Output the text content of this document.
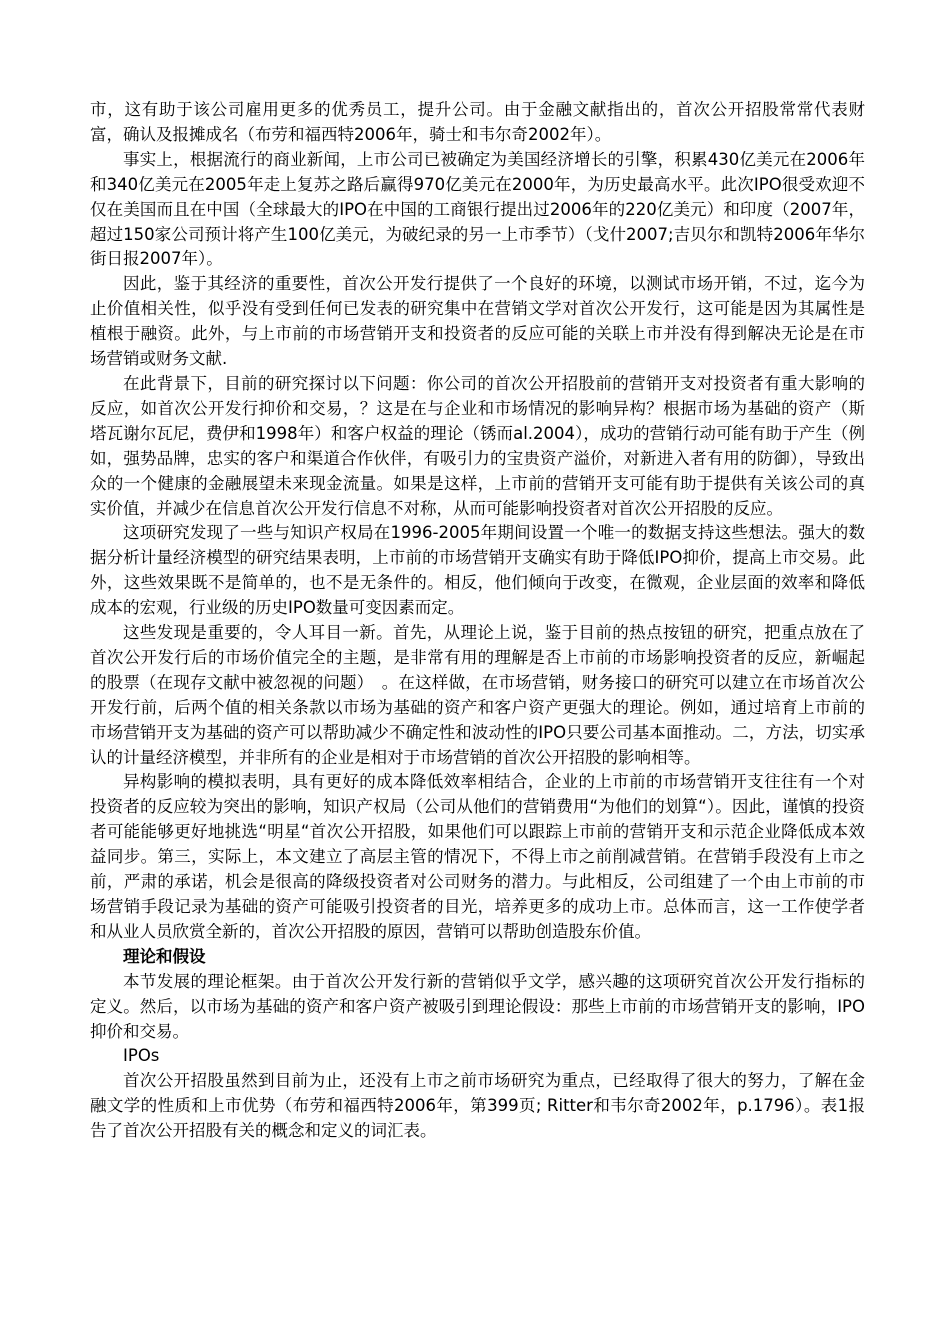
市，这有助于该公司雇用更多的优秀员工，提升公司。由于金融文献指出的，首次公开招股常常代表财富，确认及报摊成名（布劳和福西特2006年，骑士和韦尔奇2002年）。

事实上，根据流行的商业新闻，上市公司已被确定为美国经济增长的引擎，积累430亿美元在2006年和340亿美元在2005年走上复苏之路后赢得970亿美元在2000年，为历史最高水平。此次IPO很受欢迎不仅在美国而且在中国（全球最大的IPO在中国的工商银行提出过2006年的220亿美元）和印度（2007年，超过150家公司预计将产生100亿美元，为破纪录的另一上市季节）（戈什2007;吉贝尔和凯特2006年华尔街日报2007年）。

因此，鉴于其经济的重要性，首次公开发行提供了一个良好的环境，以测试市场开销，不过，迄今为止价值相关性，似乎没有受到任何已发表的研究集中在营销文学对首次公开发行，这可能是因为其属性是植根于融资。此外，与上市前的市场营销开支和投资者的反应可能的关联上市并没有得到解决无论是在市场营销或财务文献.

在此背景下，目前的研究探讨以下问题：你公司的首次公开招股前的营销开支对投资者有重大影响的反应，如首次公开发行抑价和交易，？这是在与企业和市场情况的影响异构？根据市场为基础的资产（斯塔瓦谢尔瓦尼，费伊和1998年）和客户权益的理论（锈而al.2004），成功的营销行动可能有助于产生（例如，强势品牌，忠实的客户和渠道合作伙伴，有吸引力的宝贵资产溢价，对新进入者有用的防御），导致出众的一个健康的金融展望未来现金流量。如果是这样，上市前的营销开支可能有助于提供有关该公司的真实价值，并减少在信息首次公开发行信息不对称，从而可能影响投资者对首次公开招股的反应。

这项研究发现了一些与知识产权局在1996-2005年期间设置一个唯一的数据支持这些想法。强大的数据分析计量经济模型的研究结果表明，上市前的市场营销开支确实有助于降低IPO抑价，提高上市交易。此外，这些效果既不是简单的，也不是无条件的。相反，他们倾向于改变，在微观，企业层面的效率和降低成本的宏观，行业级的历史IPO数量可变因素而定。

这些发现是重要的，令人耳目一新。首先，从理论上说，鉴于目前的热点按钮的研究，把重点放在了首次公开发行后的市场价值完全的主题，是非常有用的理解是否上市前的市场影响投资者的反应，新崛起的股票（在现存文献中被忽视的问题）　。在这样做，在市场营销，财务接口的研究可以建立在市场首次公开发行前，后两个值的相关条款以市场为基础的资产和客户资产更强大的理论。例如，通过培育上市前的市场营销开支为基础的资产可以帮助减少不确定性和波动性的IPO只要公司基本面推动。二，方法，切实承认的计量经济模型，并非所有的企业是相对于市场营销的首次公开招股的影响相等。

异构影响的模拟表明，具有更好的成本降低效率相结合，企业的上市前的市场营销开支往往有一个对投资者的反应较为突出的影响，知识产权局（公司从他们的营销费用“为他们的划算“）。因此，谨慎的投资者可能能够更好地挑选“明星“首次公开招股，如果他们可以跟踪上市前的营销开支和示范企业降低成本效益同步。第三，实际上，本文建立了高层主管的情况下，不得上市之前削减营销。在营销手段没有上市之前，严肃的承诺，机会是很高的降级投资者对公司财务的潜力。与此相反，公司组建了一个由上市前的市场营销手段记录为基础的资产可能吸引投资者的目光，培养更多的成功上市。总体而言，这一工作使学者和从业人员欣赏全新的，首次公开招股的原因，营销可以帮助创造股东价值。

理论和假设

本节发展的理论框架。由于首次公开发行新的营销似乎文学，感兴趣的这项研究首次公开发行指标的定义。然后，以市场为基础的资产和客户资产被吸引到理论假设：那些上市前的市场营销开支的影响，IPO抑价和交易。

IPOs

首次公开招股虽然到目前为止，还没有上市之前市场研究为重点，已经取得了很大的努力，了解在金融文学的性质和上市优势（布劳和福西特2006年，第399页; Ritter和韦尔奇2002年，p.1796）。表1报告了首次公开招股有关的概念和定义的词汇表。
